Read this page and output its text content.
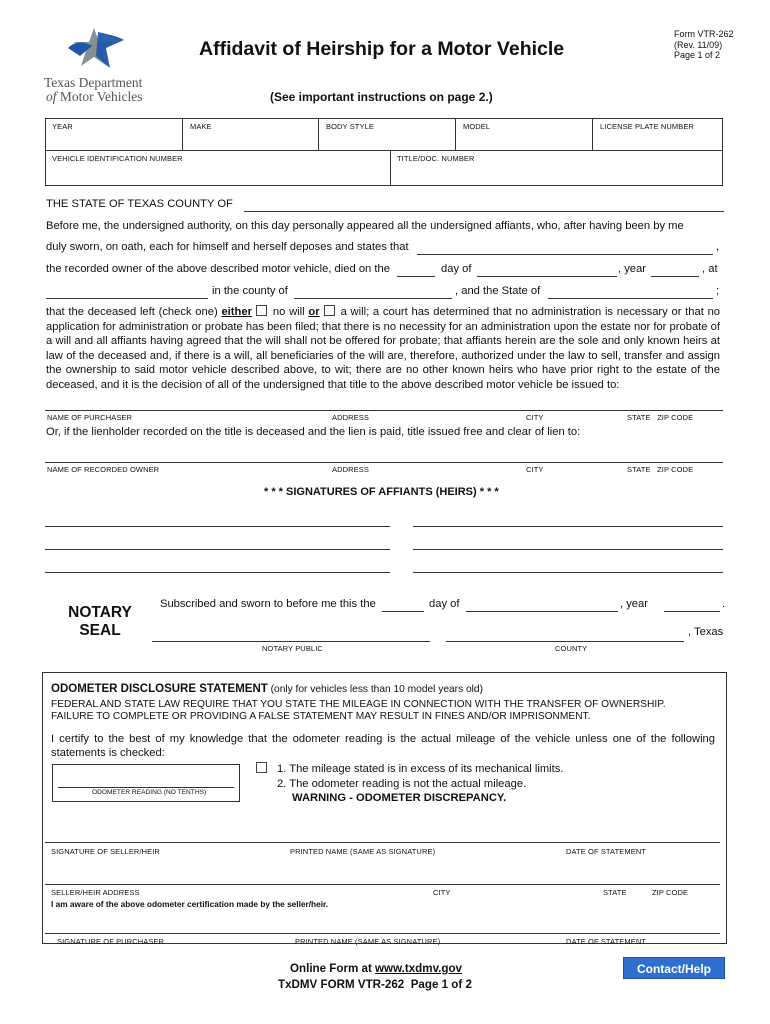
Texas Department
of Motor Vehicles
Affidavit of Heirship for a Motor Vehicle
Form VTR-262
(Rev. 11/09)
Page 1 of 2
(See important instructions on page 2.)
YEAR	MAKE	BODY STYLE	MODEL	LICENSE PLATE NUMBER
VEHICLE IDENTIFICATION NUMBER	TITLE/DOC. NUMBER
THE STATE OF TEXAS COUNTY OF
Before me, the undersigned authority, on this day personally appeared all the undersigned affiants, who, after having been by me
duly sworn, on oath, each for himself and herself deposes and states that	,
the recorded owner of the above described motor vehicle, died on the	day of	, year	, at
in the county of	, and the State of	;
that the deceased left (check one) either no will or a will; a court has determined that no administration is necessary or that no application for administration or probate has been filed; that there is no necessity for an administration upon the estate nor for probate of a will and all affiants having agreed that the will shall not be offered for probate; that affiants herein are the sole and only known heirs at law of the deceased and, if there is a will, all beneficiaries of the will are, therefore, authorized under the law to sell, transfer and assign the ownership to said motor vehicle described above, to wit; there are no other known heirs who have prior right to the estate of the deceased, and it is the decision of all of the undersigned that title to the above described motor vehicle be issued to:
NAME OF PURCHASER	ADDRESS	CITY	STATE   ZIP CODE
Or, if the lienholder recorded on the title is deceased and the lien is paid, title issued free and clear of lien to:
NAME OF RECORDED OWNER	ADDRESS	CITY	STATE   ZIP CODE
* * * SIGNATURES OF AFFIANTS (HEIRS) * * *
NOTARY
SEAL
Subscribed and sworn to before me this the	day of	, year	.
, Texas
NOTARY PUBLIC	COUNTY
ODOMETER DISCLOSURE STATEMENT (only for vehicles less than 10 model years old)
FEDERAL AND STATE LAW REQUIRE THAT YOU STATE THE MILEAGE IN CONNECTION WITH THE TRANSFER OF OWNERSHIP.
FAILURE TO COMPLETE OR PROVIDING A FALSE STATEMENT MAY RESULT IN FINES AND/OR IMPRISONMENT.
I certify to the best of my knowledge that the odometer reading is the actual mileage of the vehicle unless one of the following statements is checked:
ODOMETER READING (NO TENTHS)
1. The mileage stated is in excess of its mechanical limits.
2. The odometer reading is not the actual mileage.
WARNING - ODOMETER DISCREPANCY.
SIGNATURE OF SELLER/HEIR	PRINTED NAME (SAME AS SIGNATURE)	DATE OF STATEMENT
SELLER/HEIR ADDRESS	CITY	STATE	ZIP CODE
I am aware of the above odometer certification made by the seller/heir.
SIGNATURE OF PURCHASER	PRINTED NAME (SAME AS SIGNATURE)	DATE OF STATEMENT
Online Form at www.txdmv.gov
TxDMV FORM VTR-262  Page 1 of 2
Contact/Help
